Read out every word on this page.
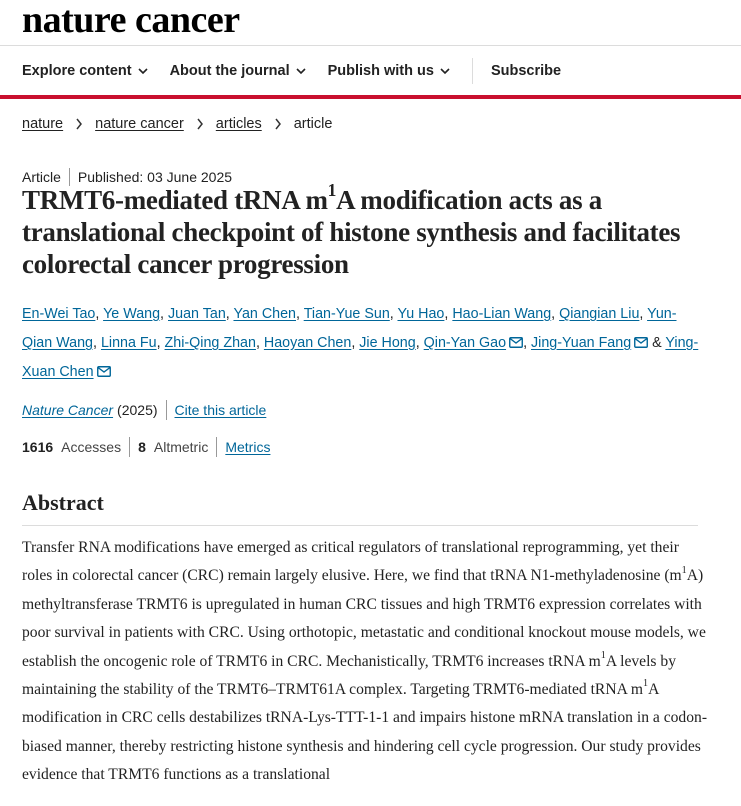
nature cancer
Explore content	About the journal	Publish with us	Subscribe
nature nature cancer articles article
Article Published: 03 June 2025
TRMT6-mediated tRNA $m^1A$ modification acts as a translational checkpoint of histone synthesis and facilitates colorectal cancer progression
En-Wei Tao, Ye Wang, Juan Tan, Yan Chen, Tian-Yue Sun, Yu Hao, Hao-Lian Wang, Qiangian Liu, Yun-Qian Wang, Linna Fu, Zhi-Qing Zhan, Haoyan Chen, Jie Hong, Qin-Yan Gao , Jing-Yuan Fang & Ying-Xuan Chen
Nature Cancer (2025) Cite this article
1616 Accesses 8 Altmetric Metrics
Abstract

Transfer RNA modifications have emerged as critical regulators of translational reprogramming, yet their roles in colorectal cancer (CRC) remain largely elusive. Here, we find that tRNA N1-methyladenosine $(m^1A)$ methyltransferase TRMT6 is upregulated in human CRC tissues and high TRMT6 expression correlates with poor survival in patients with CRC. Using orthotopic, metastatic and conditional knockout mouse models, we establish the oncogenic role of TRMT6 in CRC. Mechanistically, TRMT6 increases tRNA $m^1A$ levels by maintaining the stability of the TRMT6–TRMT61A complex. Targeting TRMT6-mediated tRNA $m^1A$ modification in CRC cells destabilizes tRNA-Lys-TTT-1-1 and impairs histone mRNA translation in a codon-biased manner, thereby restricting histone synthesis and hindering cell cycle progression. Our study provides evidence that TRMT6 functions as a translational
